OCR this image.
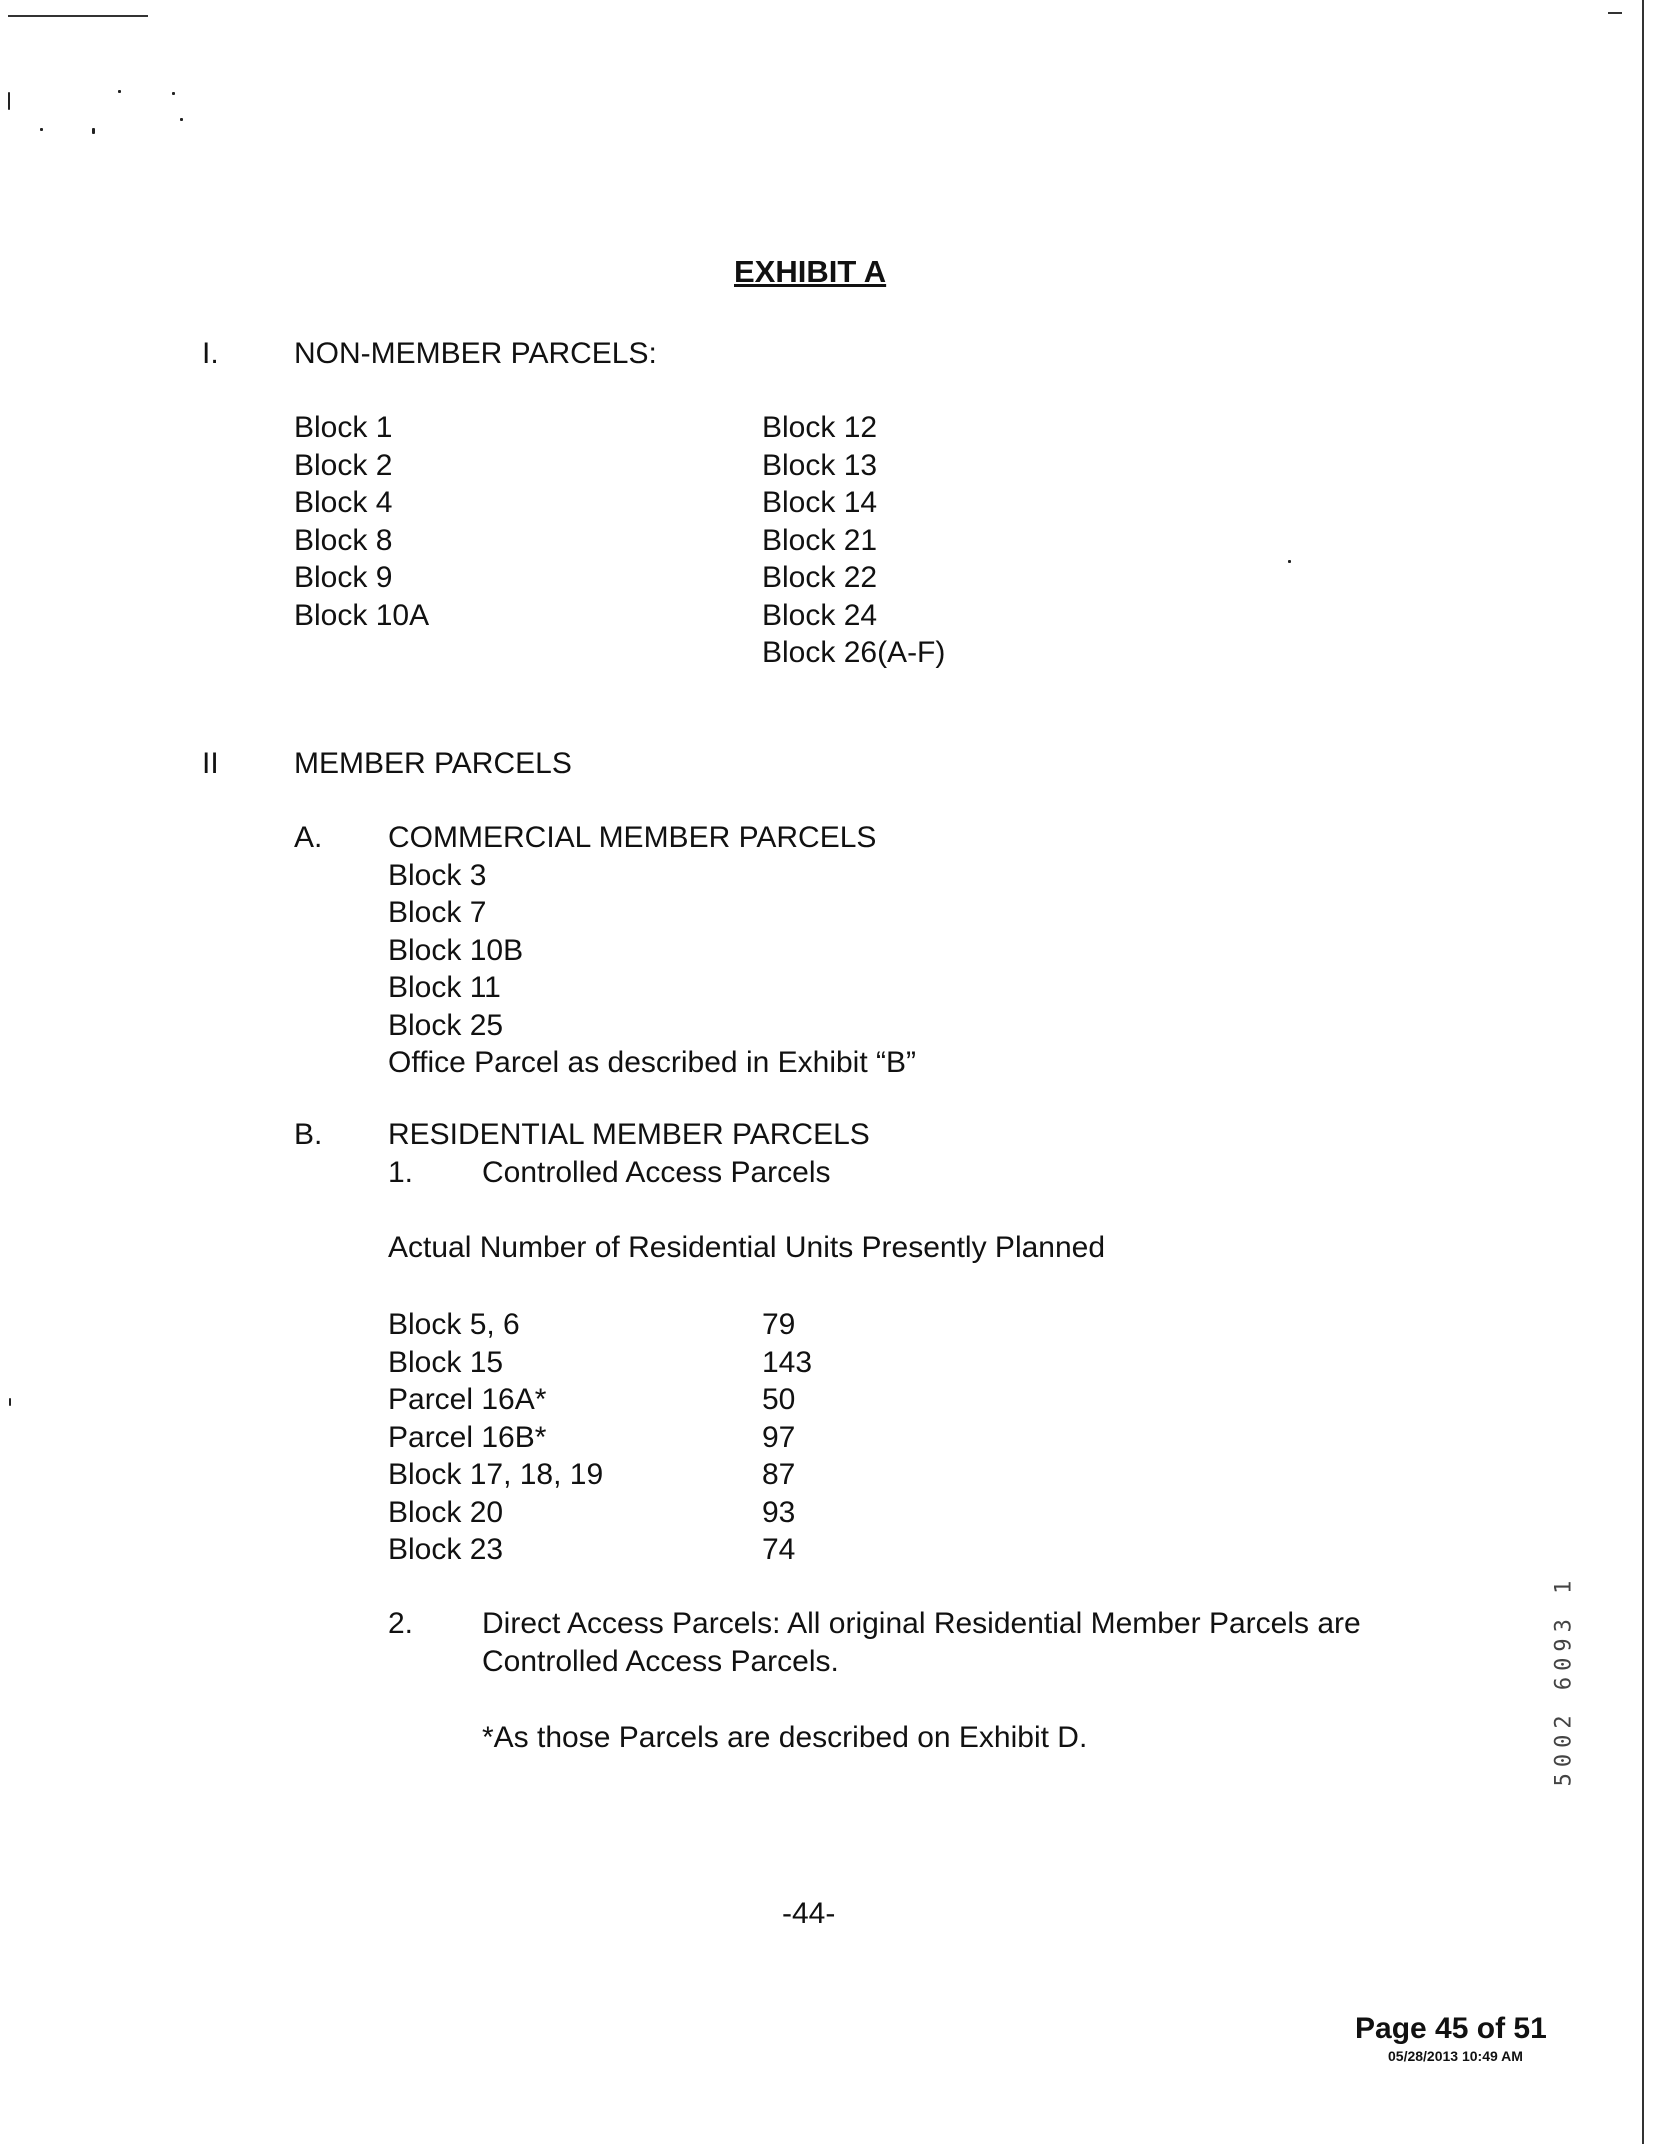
EXHIBIT A
I.	NON-MEMBER PARCELS:
Block 1
Block 2
Block 4
Block 8
Block 9
Block 10A
Block 12
Block 13
Block 14
Block 21
Block 22
Block 24
Block 26(A-F)
II	MEMBER PARCELS
A. COMMERCIAL MEMBER PARCELS
Block 3
Block 7
Block 10B
Block 11
Block 25
Office Parcel as described in Exhibit “B”
B. RESIDENTIAL MEMBER PARCELS
1. Controlled Access Parcels
Actual Number of Residential Units Presently Planned
Block 5, 6
Block 15
Parcel 16A*
Parcel 16B*
Block 17, 18, 19
Block 20
Block 23
79
143
50
97
87
93
74
2. Direct Access Parcels: All original Residential Member Parcels are
Controlled Access Parcels.
*As those Parcels are described on Exhibit D.
-44-
5002 6093 1
Page 45 of 51
05/28/2013 10:49 AM
